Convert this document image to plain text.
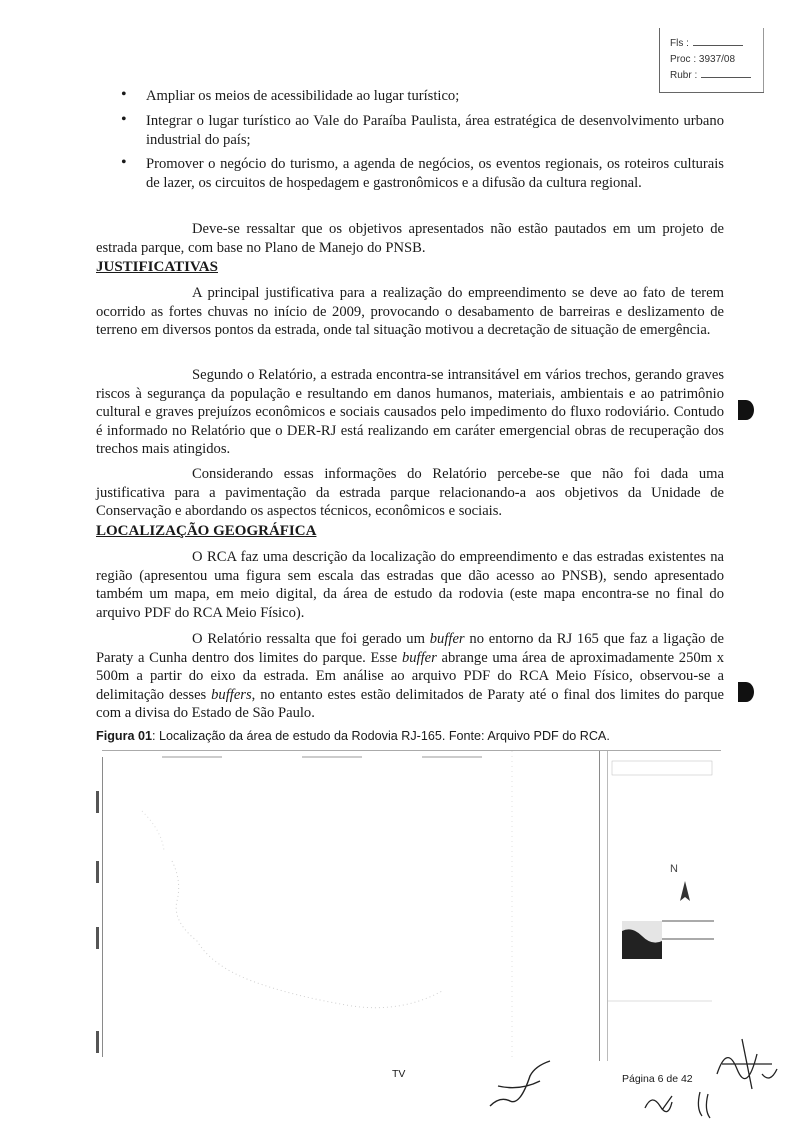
Fls :
Proc : 3937/08
Rubr :
• Ampliar os meios de acessibilidade ao lugar turístico;
• Integrar o lugar turístico ao Vale do Paraíba Paulista, área estratégica de desenvolvimento urbano industrial do país;
• Promover o negócio do turismo, a agenda de negócios, os eventos regionais, os roteiros culturais de lazer, os circuitos de hospedagem e gastronômicos e a difusão da cultura regional.
Deve-se ressaltar que os objetivos apresentados não estão pautados em um projeto de estrada parque, com base no Plano de Manejo do PNSB.
JUSTIFICATIVAS
A principal justificativa para a realização do empreendimento se deve ao fato de terem ocorrido as fortes chuvas no início de 2009, provocando o desabamento de barreiras e deslizamento de terreno em diversos pontos da estrada, onde tal situação motivou a decretação de situação de emergência.
Segundo o Relatório, a estrada encontra-se intransitável em vários trechos, gerando graves riscos à segurança da população e resultando em danos humanos, materiais, ambientais e ao patrimônio cultural e graves prejuízos econômicos e sociais causados pelo impedimento do fluxo rodoviário. Contudo é informado no Relatório que o DER-RJ está realizando em caráter emergencial obras de recuperação dos trechos mais atingidos.
Considerando essas informações do Relatório percebe-se que não foi dada uma justificativa para a pavimentação da estrada parque relacionando-a aos objetivos da Unidade de Conservação e abordando os aspectos técnicos, econômicos e sociais.
LOCALIZAÇÃO GEOGRÁFICA
O RCA faz uma descrição da localização do empreendimento e das estradas existentes na região (apresentou uma figura sem escala das estradas que dão acesso ao PNSB), sendo apresentado também um mapa, em meio digital, da área de estudo da rodovia (este mapa encontra-se no final do arquivo PDF do RCA Meio Físico).
O Relatório ressalta que foi gerado um buffer no entorno da RJ 165 que faz a ligação de Paraty a Cunha dentro dos limites do parque. Esse buffer abrange uma área de aproximadamente 250m x 500m a partir do eixo da estrada. Em análise ao arquivo PDF do RCA Meio Físico, observou-se a delimitação desses buffers, no entanto estes estão delimitados de Paraty até o final dos limites do parque com a divisa do Estado de São Paulo.
Figura 01: Localização da área de estudo da Rodovia RJ-165. Fonte: Arquivo PDF do RCA.
N
TV	Página 6 de 42
